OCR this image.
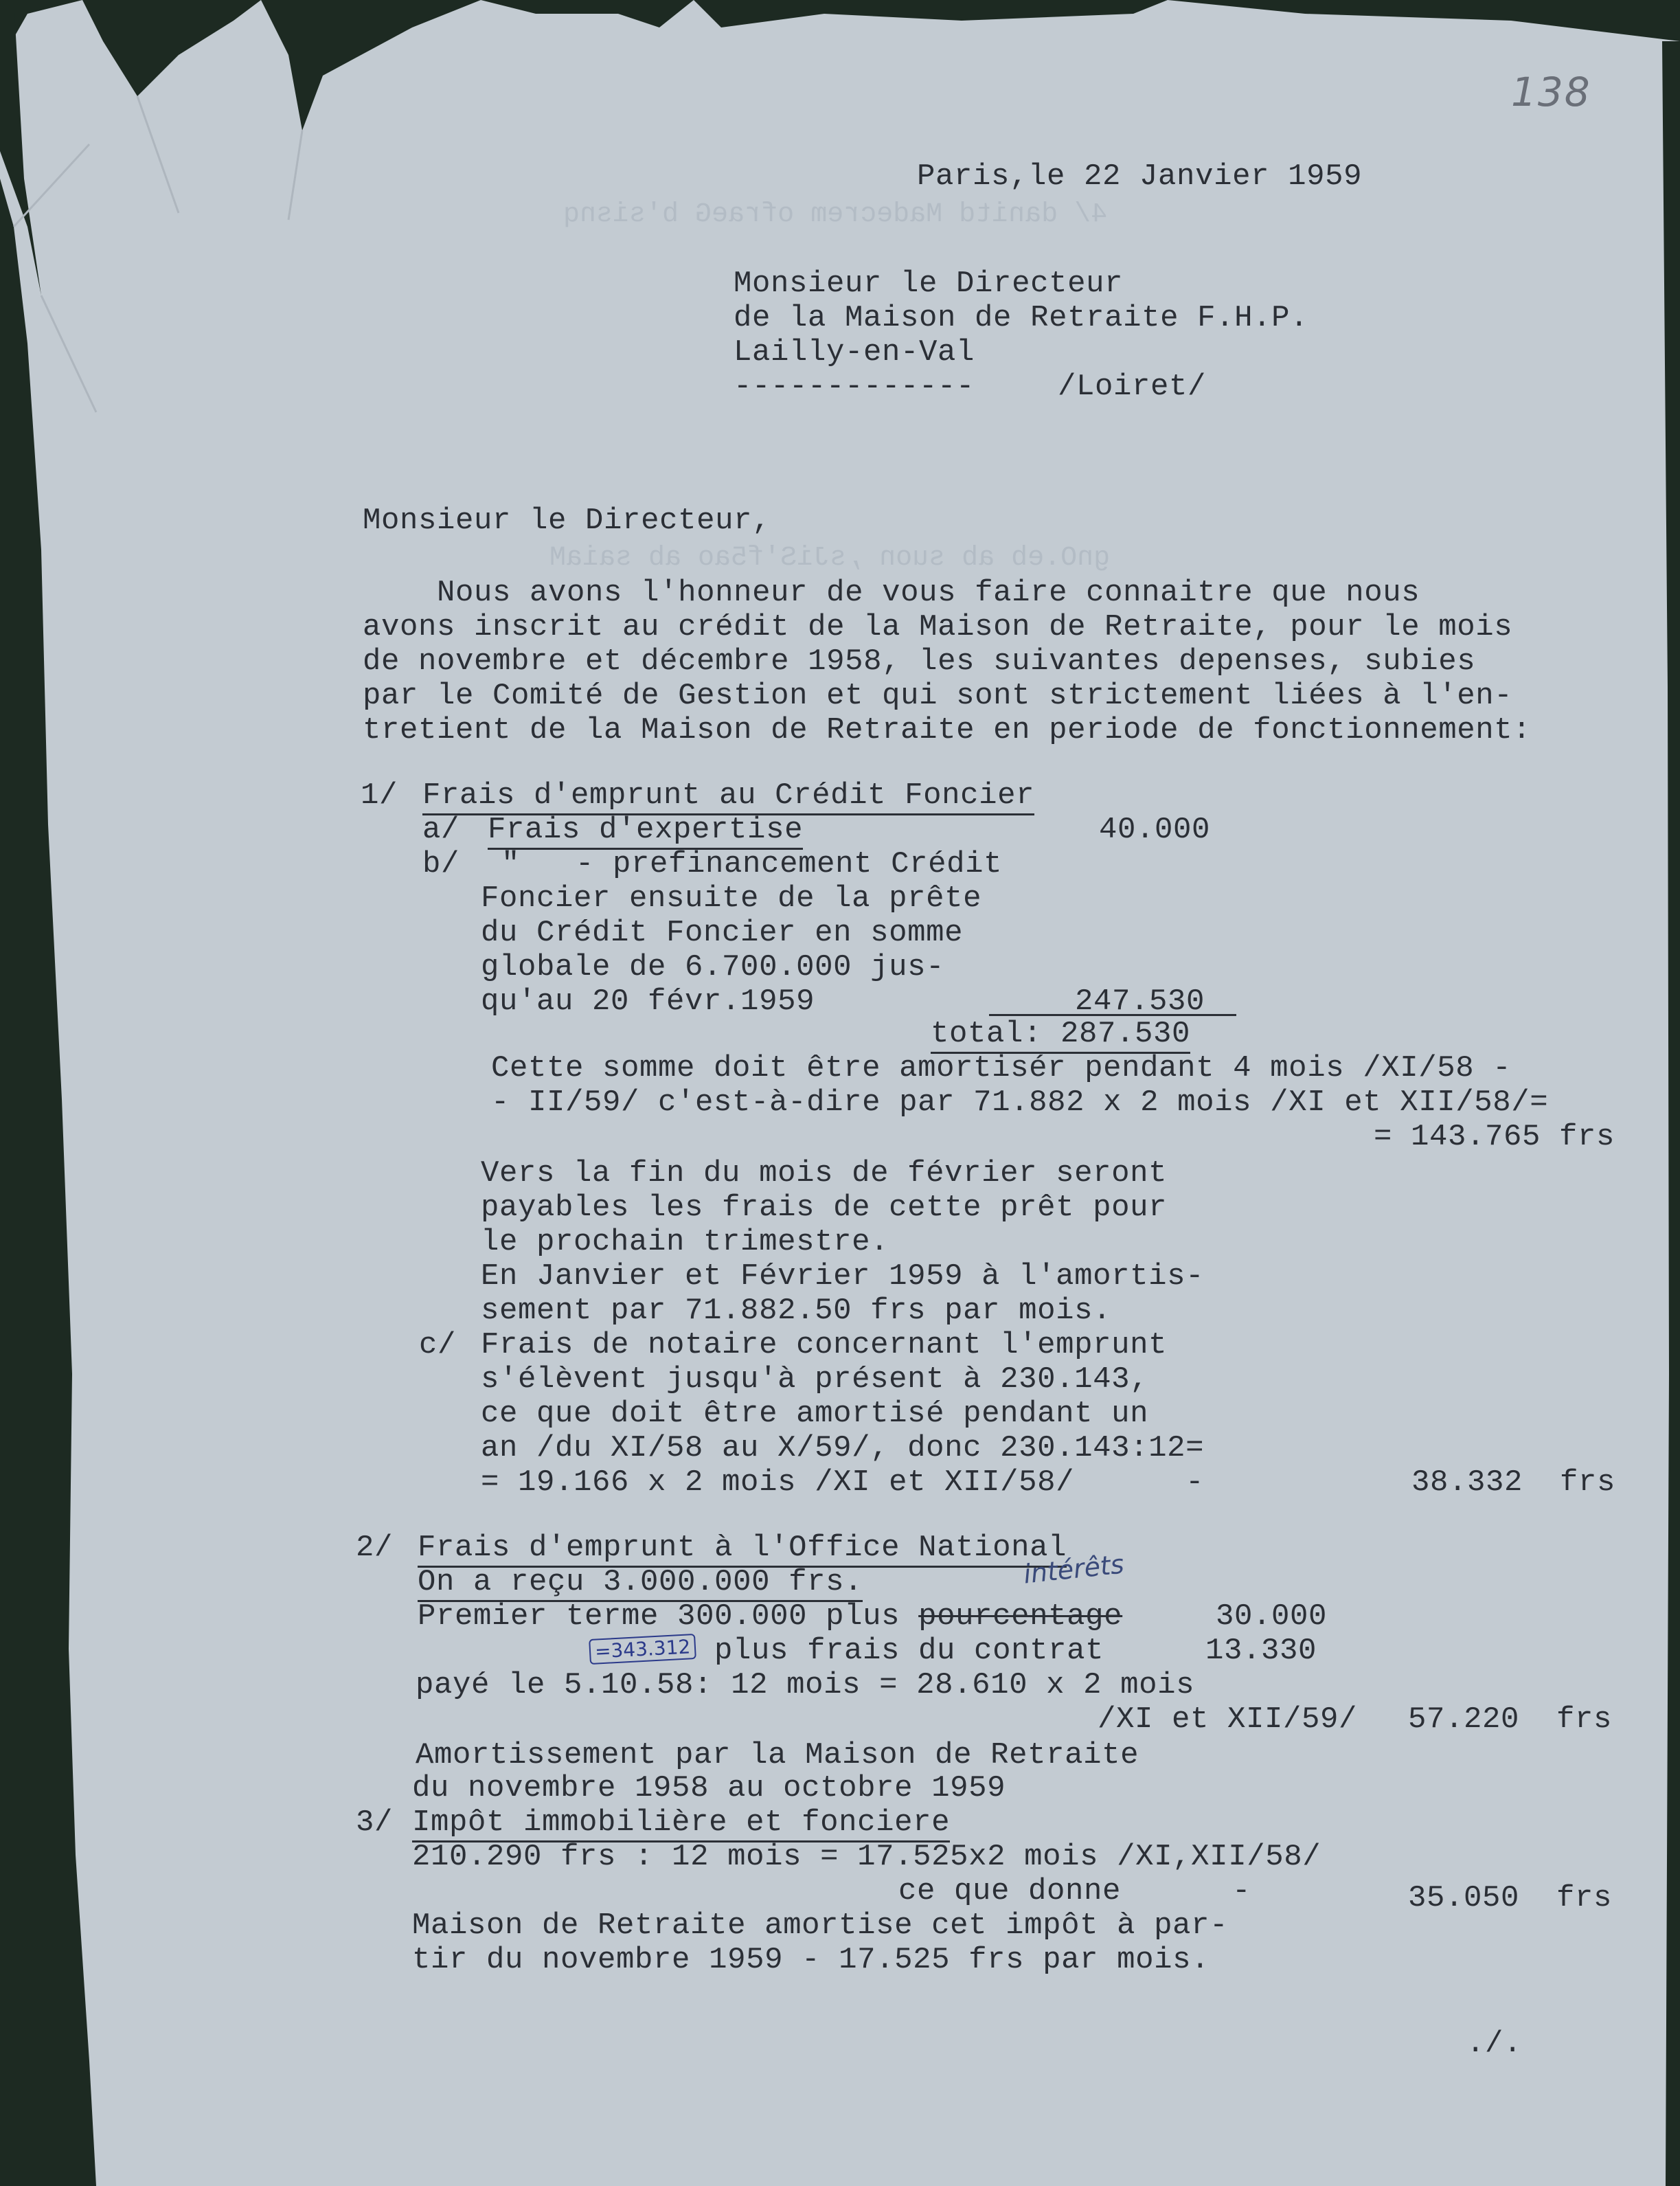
4/ danitd Madecrem ofraeG b'sisnq
gnO.eb ab suon ,sJiS'f5ao ab saiaM
138
Paris,le 22 Janvier 1959
Monsieur le Directeur
de la Maison de Retraite F.H.P.
Lailly-en-Val
-------------	/Loiret/
Monsieur le Directeur,
Nous avons l'honneur de vous faire connaitre que nous
avons inscrit au crédit de la Maison de Retraite, pour le mois
de novembre et décembre 1958, les suivantes depenses, subies
par le Comité de Gestion et qui sont strictement liées à l'en-
tretient de la Maison de Retraite en periode de fonctionnement:
1/ Frais d'emprunt au Crédit Foncier
a/ Frais d'expertise	40.000
b/ "   - prefinancement Crédit
Foncier ensuite de la prête
du Crédit Foncier en somme
globale de 6.700.000 jus-
qu'au 20 févr.1959	247.530
total: 287.530
Cette somme doit être amortisér pendant 4 mois /XI/58 -
- II/59/ c'est-à-dire par 71.882 x 2 mois /XI et XII/58/=
= 143.765 frs
Vers la fin du mois de février seront
payables les frais de cette prêt pour
le prochain trimestre.
En Janvier et Février 1959 à l'amortis-
sement par 71.882.50 frs par mois.
c/ Frais de notaire concernant l'emprunt
s'élèvent jusqu'à présent à 230.143,
ce que doit être amortisé pendant un
an /du XI/58 au X/59/, donc 230.143:12=
= 19.166 x 2 mois /XI et XII/58/      -	38.332  frs
2/ Frais d'emprunt à l'Office National
On a reçu 3.000.000 frs.	intérêts
Premier terme 300.000 plus pourcentage	30.000
plus frais du contrat	13.330
payé le 5.10.58: 12 mois = 28.610 x 2 mois
=343.312
/XI et XII/59/ 57.220  frs
Amortissement par la Maison de Retraite
du novembre 1958 au octobre 1959
3/ Impôt immobilière et fonciere
210.290 frs : 12 mois = 17.525x2 mois /XI,XII/58/
ce que donne      -	35.050  frs
Maison de Retraite amortise cet impôt à par-
tir du novembre 1959 - 17.525 frs par mois.
./.
